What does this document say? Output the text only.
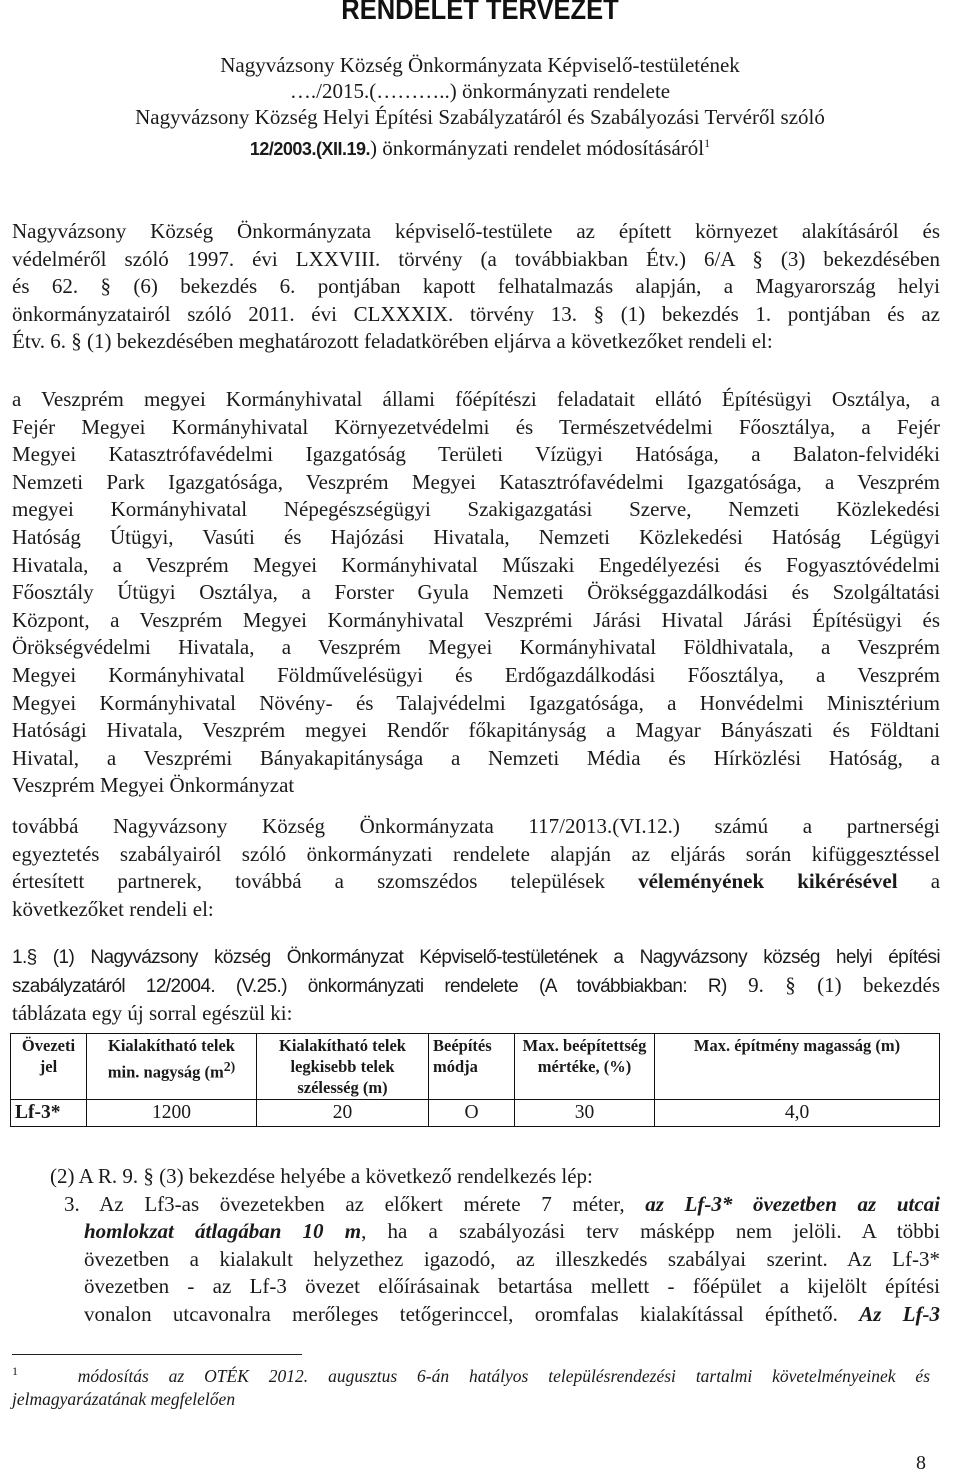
RENDELET TERVEZET
Nagyvázsony Község Önkormányzata Képviselő-testületének
…./2015.(………..) önkormányzati rendelete
Nagyvázsony Község Helyi Építési Szabályzatáról és Szabályozási Tervéről szóló
12/2003.(XII.19.) önkormányzati rendelet módosításáról$^1$
Nagyvázsony Község Önkormányzata képviselő-testülete az épített környezet alakításáról és
védelméről szóló 1997. évi LXXVIII. törvény (a továbbiakban Étv.) 6/A § (3) bekezdésében
és 62. § (6) bekezdés 6. pontjában kapott felhatalmazás alapján, a Magyarország helyi
önkormányzatairól szóló 2011. évi CLXXXIX. törvény 13. § (1) bekezdés 1. pontjában és az
Étv. 6. § (1) bekezdésében meghatározott feladatkörében eljárva a következőket rendeli el:
a Veszprém megyei Kormányhivatal állami főépítészi feladatait ellátó Építésügyi Osztálya, a
Fejér Megyei Kormányhivatal Környezetvédelmi és Természetvédelmi Főosztálya, a Fejér
Megyei Katasztrófavédelmi Igazgatóság Területi Vízügyi Hatósága, a Balaton-felvidéki
Nemzeti Park Igazgatósága, Veszprém Megyei Katasztrófavédelmi Igazgatósága, a Veszprém
megyei Kormányhivatal Népegészségügyi Szakigazgatási Szerve, Nemzeti Közlekedési
Hatóság Útügyi, Vasúti és Hajózási Hivatala, Nemzeti Közlekedési Hatóság Légügyi
Hivatala, a Veszprém Megyei Kormányhivatal Műszaki Engedélyezési és Fogyasztóvédelmi
Főosztály Útügyi Osztálya, a Forster Gyula Nemzeti Örökséggazdálkodási és Szolgáltatási
Központ, a Veszprém Megyei Kormányhivatal Veszprémi Járási Hivatal Járási Építésügyi és
Örökségvédelmi Hivatala, a Veszprém Megyei Kormányhivatal Földhivatala, a Veszprém
Megyei Kormányhivatal Földművelésügyi és Erdőgazdálkodási Főosztálya, a Veszprém
Megyei Kormányhivatal Növény- és Talajvédelmi Igazgatósága, a Honvédelmi Minisztérium
Hatósági Hivatala, Veszprém megyei Rendőr főkapitányság a Magyar Bányászati és Földtani
Hivatal, a Veszprémi Bányakapitánysága a Nemzeti Média és Hírközlési Hatóság, a
Veszprém Megyei Önkormányzat
továbbá Nagyvázsony Község Önkormányzata 117/2013.(VI.12.) számú a partnerségi
egyeztetés szabályairól szóló önkormányzati rendelete alapján az eljárás során kifüggesztéssel
értesített partnerek, továbbá a szomszédos települések véleményének kikérésével a
következőket rendeli el:
1.§ (1) Nagyvázsony község Önkormányzat Képviselő-testületének a Nagyvázsony község helyi építési
szabályzatáról 12/2004. (V.25.) önkormányzati rendelete (A továbbiakban: R) 9. § (1) bekezdés
táblázata egy új sorral egészül ki:
Övezeti jel	Kialakítható telek min. nagyság ($m^{2)}$	Kialakítható telek legkisebb telek szélesség (m)	Beépítés módja	Max. beépítettség mértéke, (%)	Max. építmény magasság (m)
Lf-3*	1200	20	O	30	4,0
(2) A R. 9. § (3) bekezdése helyébe a következő rendelkezés lép:
3. Az Lf3-as övezetekben az előkert mérete 7 méter, az Lf-3* övezetben az utcai
homlokzat átlagában 10 m, ha a szabályozási terv másképp nem jelöli. A többi
övezetben a kialakult helyzethez igazodó, az illeszkedés szabályai szerint. Az Lf-3*
övezetben - az Lf-3 övezet előírásainak betartása mellett - főépület a kijelölt építési
vonalon utcavonalra merőleges tetőgerinccel, oromfalas kialakítással építhető. Az Lf-3
$^1$	módosítás az OTÉK 2012. augusztus 6-án hatályos településrendezési tartalmi követelményeinek és
jelmagyarázatának megfelelően
8
